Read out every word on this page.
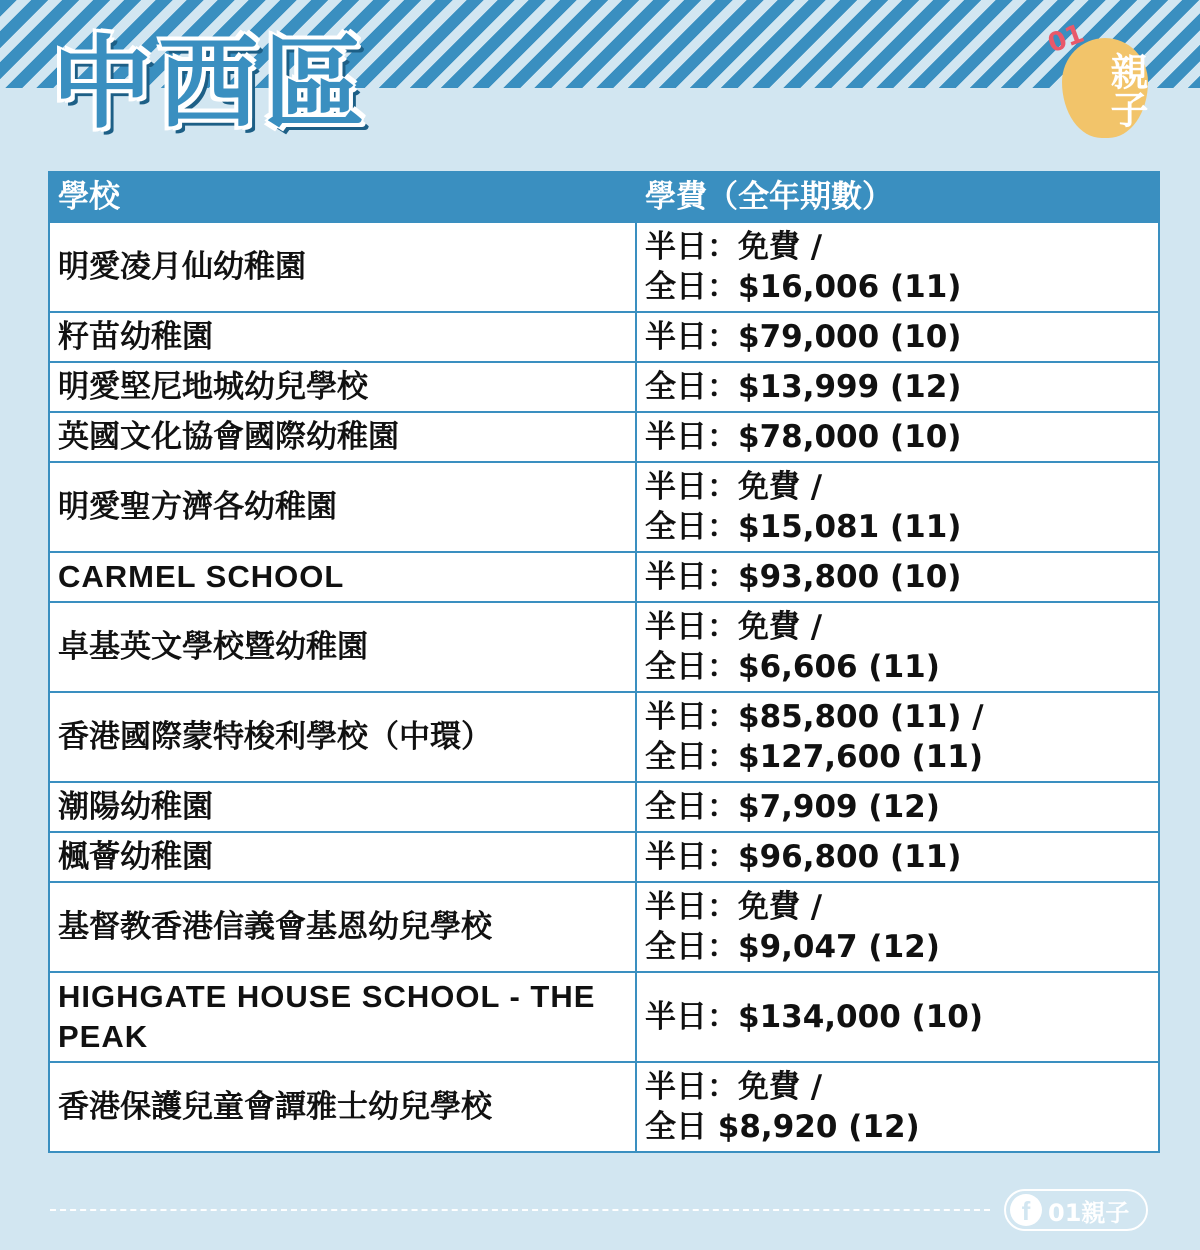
中西區	01
親子
學校	學費（全年期數）
明愛凌月仙幼稚園	半日：免費 /
全日：$16,006 (11)

籽苗幼稚園	半日：$79,000 (10)

明愛堅尼地城幼兒學校	全日：$13,999 (12)

英國文化協會國際幼稚園	半日：$78,000 (10)

明愛聖方濟各幼稚園	半日：免費 /
全日：$15,081 (11)

CARMEL SCHOOL	半日：$93,800 (10)

卓基英文學校暨幼稚園	半日：免費 /
全日：$6,606 (11)

香港國際蒙特梭利學校（中環）	半日：$85,800 (11) /
全日：$127,600 (11)

潮陽幼稚園	全日：$7,909 (12)

楓薈幼稚園	半日：$96,800 (11)

基督教香港信義會基恩幼兒學校	半日：免費 /
全日：$9,047 (12)

HIGHGATE HOUSE SCHOOL - THE PEAK	半日：$134,000 (10)

香港保護兒童會譚雅士幼兒學校	半日：免費 /
全日 $8,920 (12)
f 01親子
